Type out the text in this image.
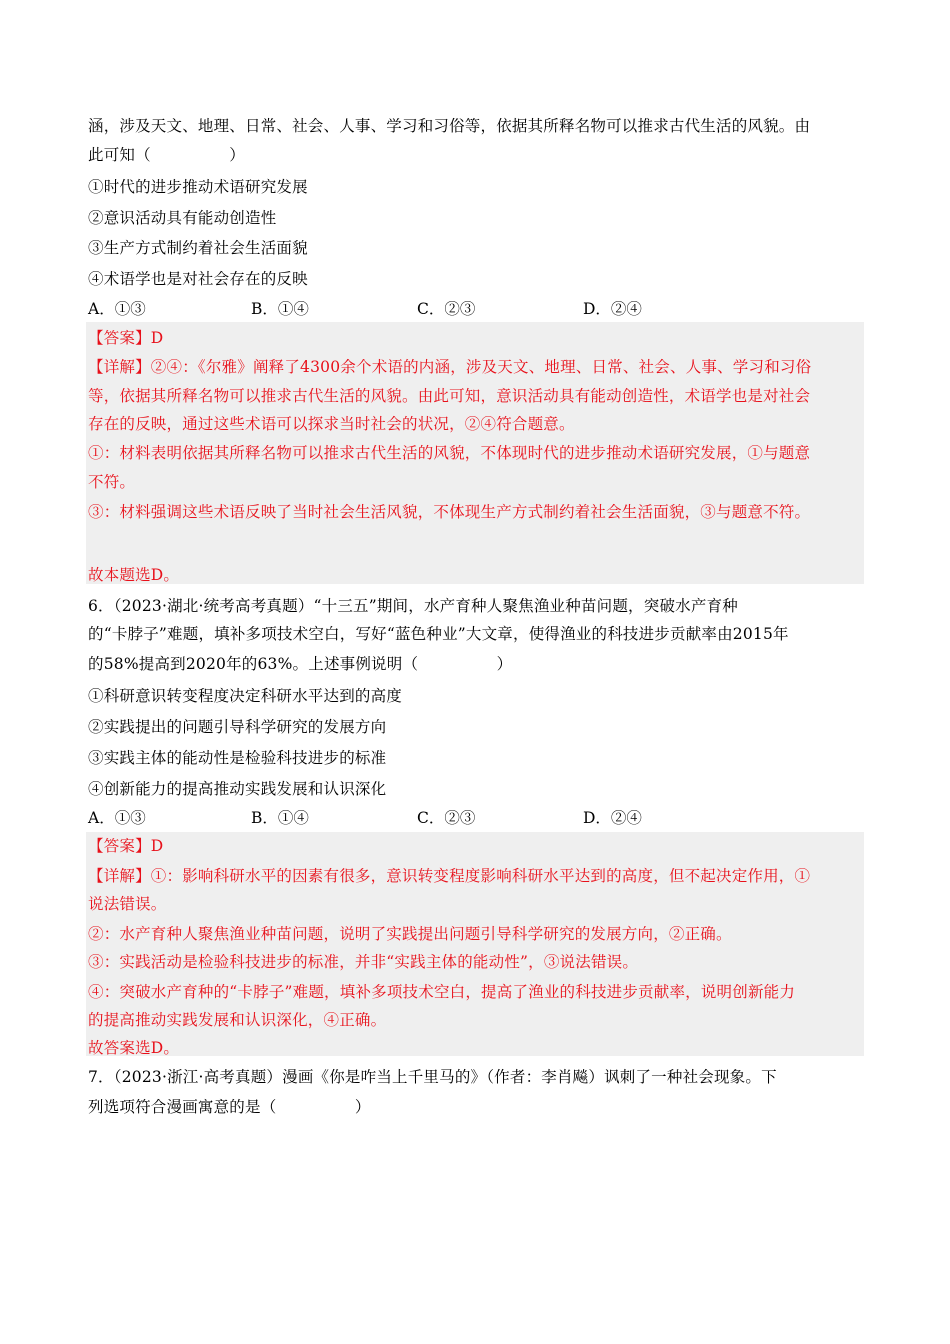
涵，涉及天文、地理、日常、社会、人事、学习和习俗等，依据其所释名物可以推求古代生活的风貌。由
此可知（　　　　　）
①时代的进步推动术语研究发展
②意识活动具有能动创造性
③生产方式制约着社会生活面貌
④术语学也是对社会存在的反映
A．①③	B．①④	C．②③	D．②④
【答案】D
【详解】②④：《尔雅》阐释了4300余个术语的内涵，涉及天文、地理、日常、社会、人事、学习和习俗
等，依据其所释名物可以推求古代生活的风貌。由此可知，意识活动具有能动创造性，术语学也是对社会
存在的反映，通过这些术语可以探求当时社会的状况，②④符合题意。
①：材料表明依据其所释名物可以推求古代生活的风貌，不体现时代的进步推动术语研究发展，①与题意
不符。
③：材料强调这些术语反映了当时社会生活风貌，不体现生产方式制约着社会生活面貌，③与题意不符。
故本题选D。
6．（2023·湖北·统考高考真题）“十三五”期间，水产育种人聚焦渔业种苗问题，突破水产育种
的“卡脖子”难题，填补多项技术空白，写好“蓝色种业”大文章，使得渔业的科技进步贡献率由2015年
的58%提高到2020年的63%。上述事例说明（　　　　　）
①科研意识转变程度决定科研水平达到的高度
②实践提出的问题引导科学研究的发展方向
③实践主体的能动性是检验科技进步的标准
④创新能力的提高推动实践发展和认识深化
A．①③	B．①④	C．②③	D．②④
【答案】D
【详解】①：影响科研水平的因素有很多，意识转变程度影响科研水平达到的高度，但不起决定作用，①
说法错误。
②：水产育种人聚焦渔业种苗问题，说明了实践提出问题引导科学研究的发展方向，②正确。
③：实践活动是检验科技进步的标准，并非“实践主体的能动性”，③说法错误。
④：突破水产育种的“卡脖子”难题，填补多项技术空白，提高了渔业的科技进步贡献率，说明创新能力
的提高推动实践发展和认识深化，④正确。
故答案选D。
7．（2023·浙江·高考真题）漫画《你是咋当上千里马的》（作者：李肖飚）讽刺了一种社会现象。下
列选项符合漫画寓意的是（　　　　　）
